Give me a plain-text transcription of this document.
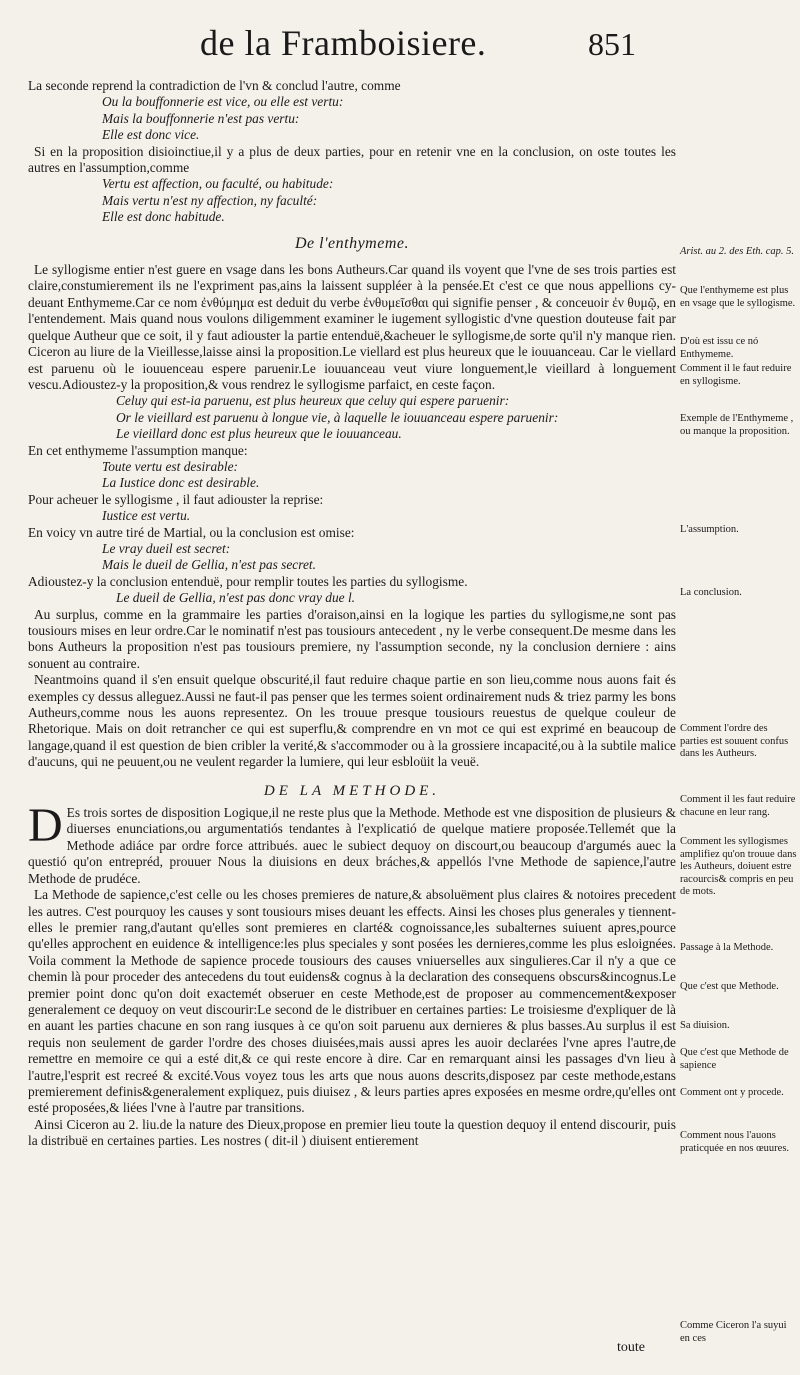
de la Framboisiere.	851

La seconde reprend la contradiction de l'vn & conclud l'autre, comme

Ou la bouffonnerie est vice, ou elle est vertu:
Mais la bouffonnerie n'est pas vertu:
Elle est donc vice.

Si en la proposition disioinctiue,il y a plus de deux parties, pour en retenir vne en la conclusion, on oste toutes les autres en l'assumption,comme

Vertu est affection, ou faculté, ou habitude:
Mais vertu n'est ny affection, ny faculté:
Elle est donc habitude.
De l'enthymeme.

Le syllogisme entier n'est guere en vsage dans les bons Autheurs.Car quand ils voyent que l'vne de ses trois parties est claire,constumierement ils ne l'expriment pas,ains la laissent suppléer à la pensée.Et c'est ce que nous appellions cy-deuant Enthymeme.Car ce nom ἐνθύμημα est deduit du verbe ἐνθυμεῖσθαι qui signifie penser , & conceuoir ἐν θυμῷ, en l'entendement. Mais quand nous voulons diligemment examiner le iugement syllogistic d'vne question douteuse fait par quelque Autheur que ce soit, il y faut adiouster la partie entenduë,&acheuer le syllogisme,de sorte qu'il n'y manque rien. Ciceron au liure de la Vieillesse,laisse ainsi la proposition.Le viellard est plus heureux que le iouuanceau. Car le viellard est paruenu où le iouuenceau espere paruenir.Le iouuanceau veut viure longuement,le vieillard à longuement vescu.Adioustez-y la proposition,& vous rendrez le syllogisme parfaict, en ceste façon.

Celuy qui est-ia paruenu, est plus heureux que celuy qui espere paruenir:
Or le vieillard est paruenu à longue vie, à laquelle le iouuanceau espere paruenir:
Le vieillard donc est plus heureux que le iouuanceau.

En cet enthymeme l'assumption manque:

Toute vertu est desirable:
La Iustice donc est desirable.

Pour acheuer le syllogisme , il faut adiouster la reprise:

Iustice est vertu.

En voicy vn autre tiré de Martial, ou la conclusion est omise:

Le vray dueil est secret:
Mais le dueil de Gellia, n'est pas secret.

Adioustez-y la conclusion entenduë, pour remplir toutes les parties du syllogisme.

Le dueil de Gellia, n'est pas donc vray due l.

Au surplus, comme en la grammaire les parties d'oraison,ainsi en la logique les parties du syllogisme,ne sont pas tousiours mises en leur ordre.Car le nominatif n'est pas tousiours antecedent , ny le verbe consequent.De mesme dans les bons Autheurs la proposition n'est pas tousiours premiere, ny l'assumption seconde, ny la conclusion derniere : ains sonuent au contraire.

Neantmoins quand il s'en ensuit quelque obscurité,il faut reduire chaque partie en son lieu,comme nous auons fait és exemples cy dessus alleguez.Aussi ne faut-il pas penser que les termes soient ordinairement nuds & triez parmy les bons Autheurs,comme nous les auons representez. On les trouue presque tousiours reuestus de quelque couleur de Rhetorique. Mais on doit retrancher ce qui est superflu,& comprendre en vn mot ce qui est exprimé en beaucoup de langage,quand il est question de bien cribler la verité,& s'accommoder ou à la grossiere incapacité,ou à la subtile malice d'aucuns, qui ne peuuent,ou ne veulent regarder la lumiere, qui leur esbloüit la veuë.

DE LA METHODE.
D Es trois sortes de disposition Logique,il ne reste plus que la Methode. Methode est vne disposition de plusieurs & diuerses enunciations,ou argumentatiós tendantes à l'explicatió de quelque matiere proposée.Tellemét que la Methode adiáce par ordre force attribués. auec le subiect dequoy on discourt,ou beaucoup d'argumés auec la questió qu'on entrepréd, prouuer Nous la diuisions en deux bráches,& appellós l'vne Methode de sapience,l'autre Methode de prudéce.

La Methode de sapience,c'est celle ou les choses premieres de nature,& absoluëment plus claires & notoires precedent les autres. C'est pourquoy les causes y sont tousiours mises deuant les effects. Ainsi les choses plus generales y tiennent-elles le premier rang,d'autant qu'elles sont premieres en clarté& cognoissance,les subalternes suiuent apres,pource qu'elles approchent en euidence & intelligence:les plus speciales y sont posées les dernieres,comme les plus esloignées. Voila comment la Methode de sapience procede tousiours des causes vniuerselles aux singulieres.Car il n'y a que ce chemin là pour proceder des antecedens du tout euidens& cognus à la declaration des consequens obscurs&incognus.Le premier point donc qu'on doit exactemét obseruer en ceste Methode,est de proposer au commencement&exposer generalement ce dequoy on veut discourir:Le second de le distribuer en certaines parties: Le troisiesme d'expliquer de là en auant les parties chacune en son rang iusques à ce qu'on soit paruenu aux dernieres & plus basses.Au surplus il est requis non seulement de garder l'ordre des choses diuisées,mais aussi apres les auoir declarées l'vne apres l'autre,de remettre en memoire ce qui a esté dit,& ce qui reste encore à dire. Car en remarquant ainsi les passages d'vn lieu à l'autre,l'esprit est recreé & excité.Vous voyez tous les arts que nous auons descrits,disposez par ceste methode,estans premierement definis&generalement expliquez, puis diuisez , & leurs parties apres exposées en mesme ordre,qu'elles ont esté proposées,& liées l'vne à l'autre par transitions.

Ainsi Ciceron au 2. liu.de la nature des Dieux,propose en premier lieu toute la question dequoy il entend discourir, puis la distribuë en certaines parties. Les nostres ( dit-il ) diuisent entierement

Arist. au 2. des Eth. cap. 5.
Que l'enthymeme est plus en vsage que le syllogisme.
D'où est issu ce nó Enthymeme.
Comment il le faut reduire en syllogisme.
Exemple de l'Enthymeme , ou manque la proposition.
L'assumption.
La conclusion.
Comment l'ordre des parties est souuent confus dans les Autheurs.
Comment il les faut reduire chacune en leur rang.
Comment les syllogismes amplifiez qu'on trouue dans les Autheurs, doiuent estre racourcis& compris en peu de mots.
Passage à la Methode.
Que c'est que Methode.
Sa diuision.
Que c'est que Methode de sapience
Comment ont y procede.
Comment nous l'auons praticquée en nos œuures.
Comme Ciceron l'a suyui en ces
toute
